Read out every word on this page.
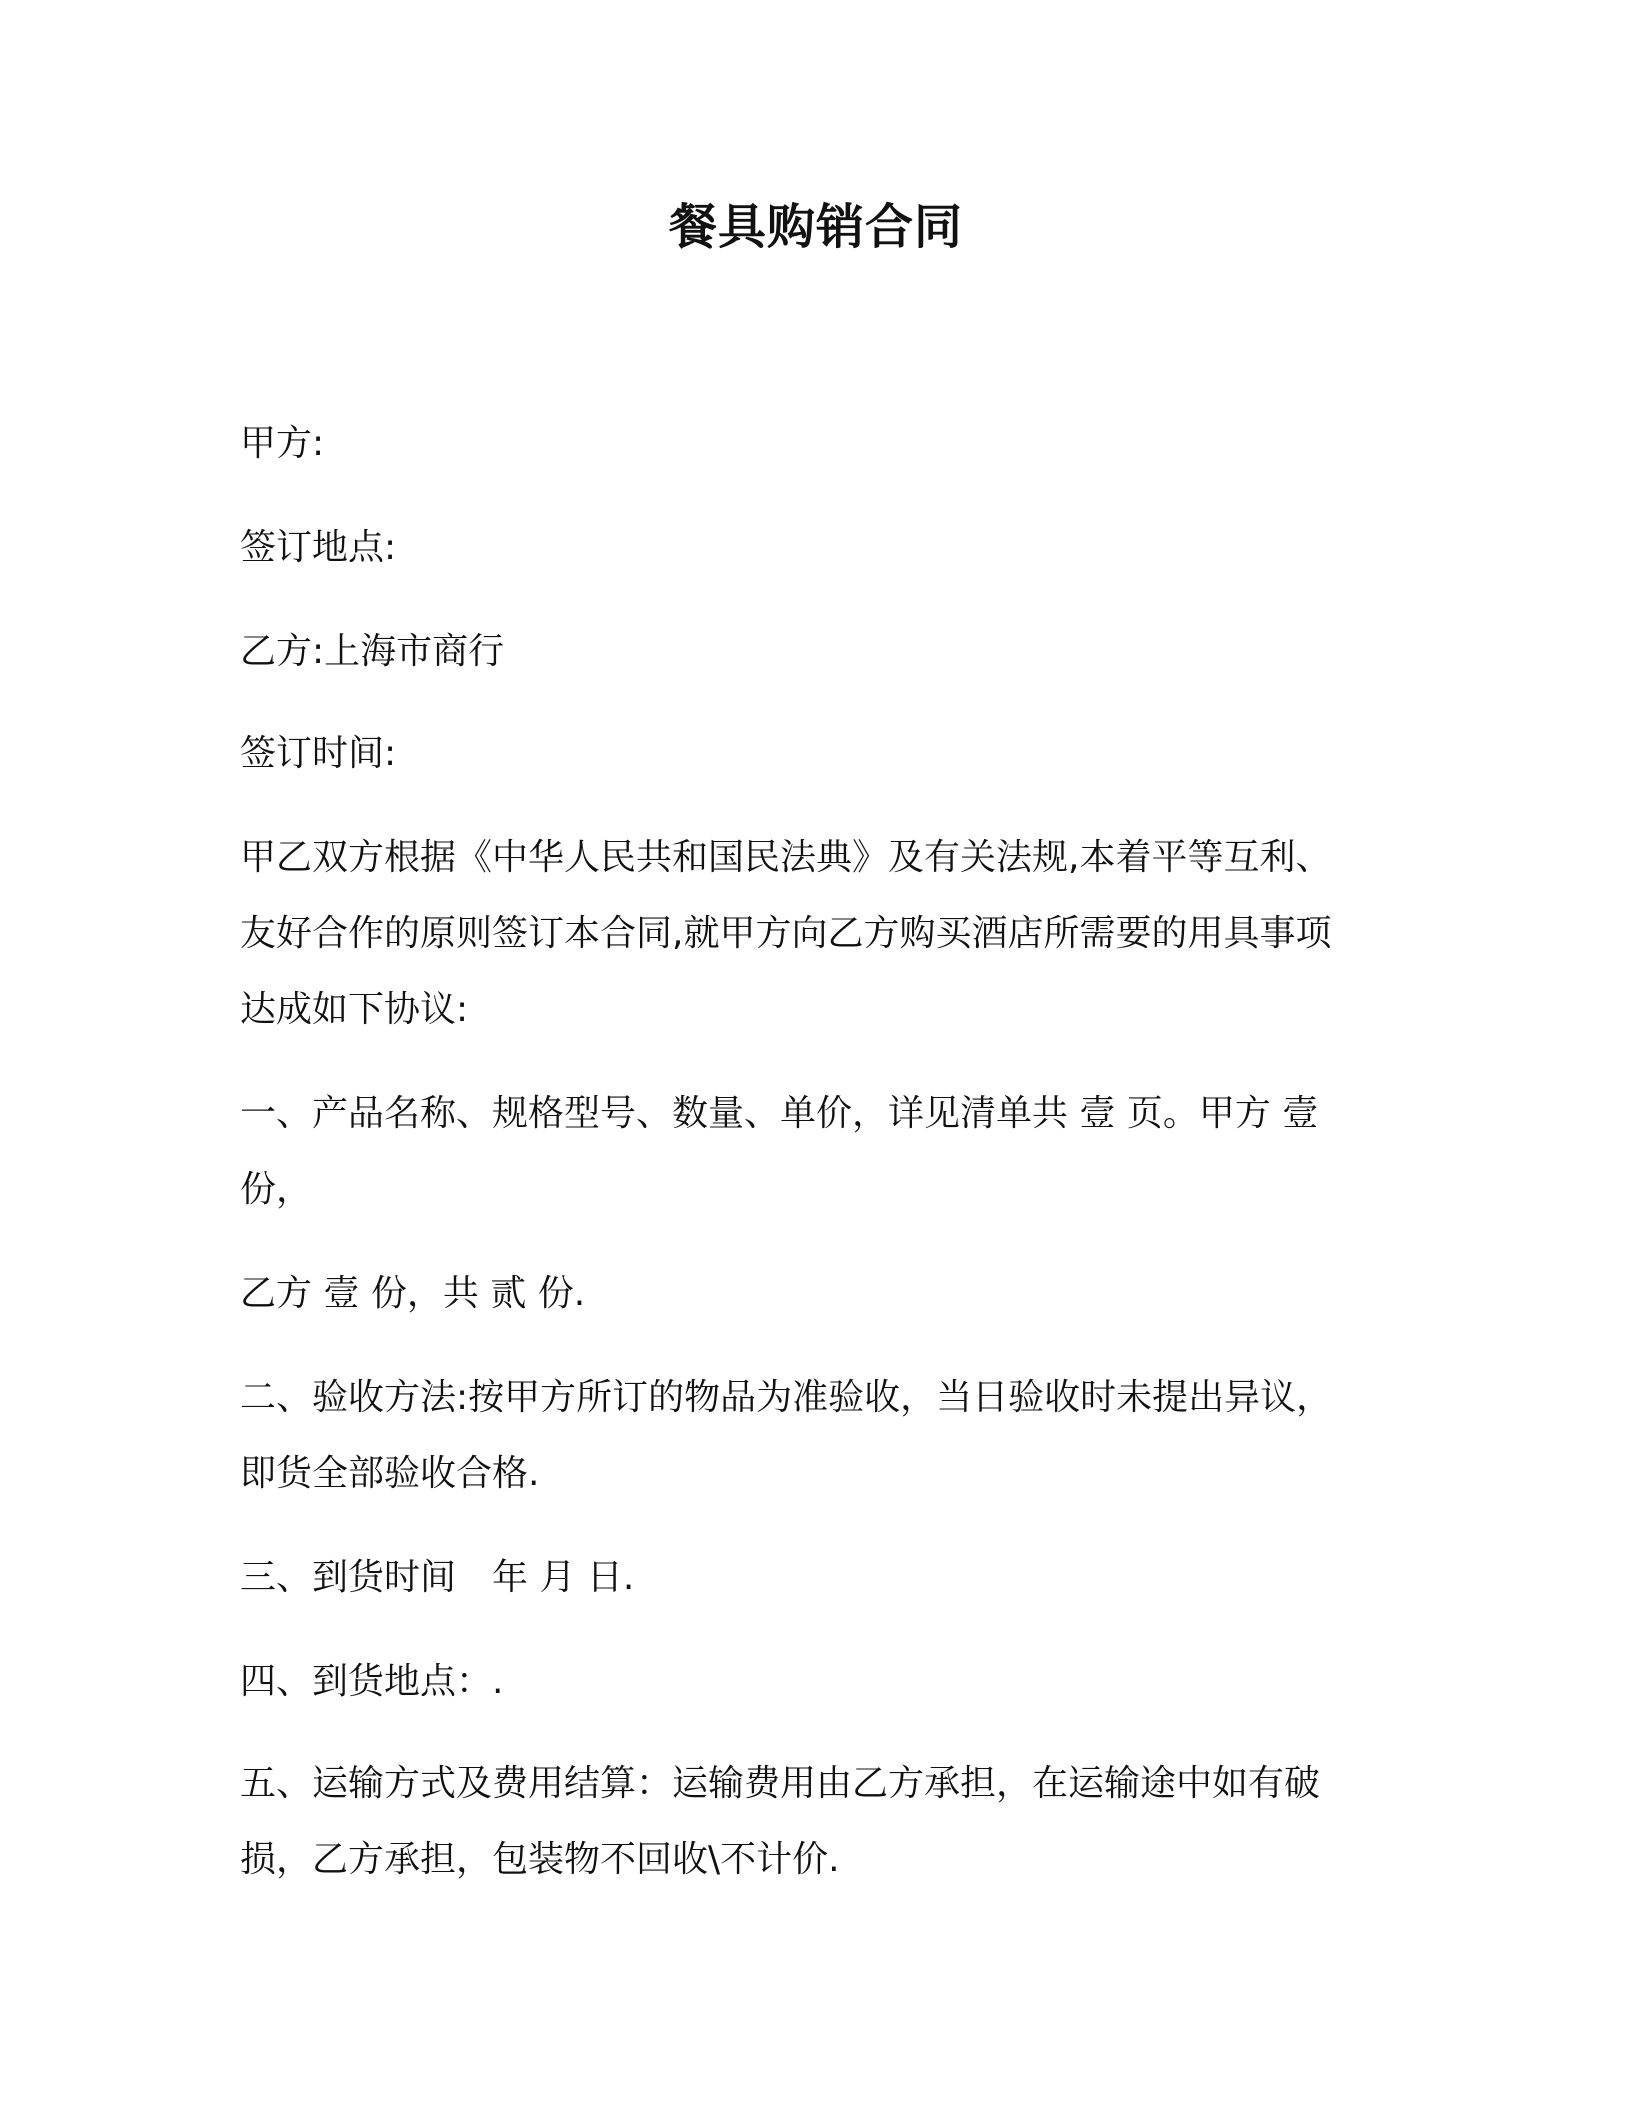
餐具购销合同

甲方:

签订地点:

乙方:上海市商行

签订时间:

甲乙双方根据《中华人民共和国民法典》及有关法规,本着平等互利、

友好合作的原则签订本合同,就甲方向乙方购买酒店所需要的用具事项

达成如下协议:

一、产品名称、规格型号、数量、单价，详见清单共 壹 页。甲方 壹

份，

乙方 壹 份，共 贰 份.

二、验收方法:按甲方所订的物品为准验收，当日验收时未提出异议，

即货全部验收合格.

三、到货时间　年 月 日.

四、到货地点：.

五、运输方式及费用结算：运输费用由乙方承担，在运输途中如有破

损，乙方承担，包装物不回收\不计价.
